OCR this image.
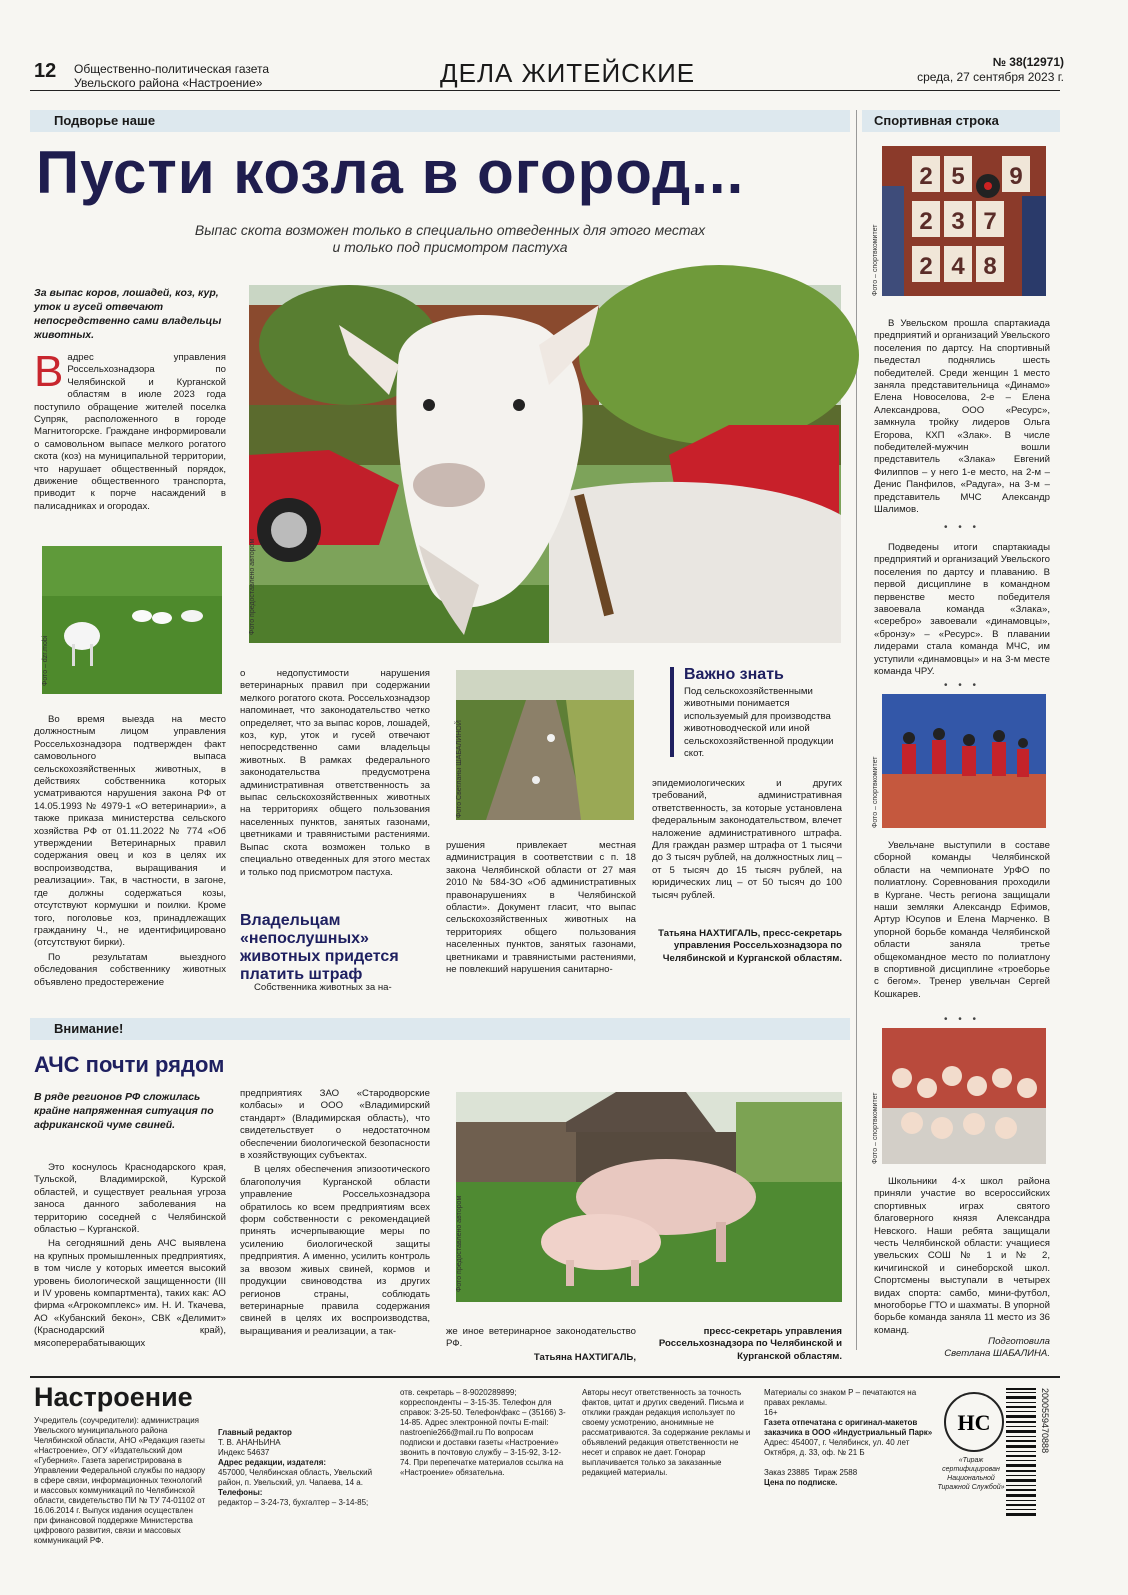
12 Общественно-политическая газета
Увельского района «Настроение»	ДЕЛА ЖИТЕЙСКИЕ	№ 38(12971)
среда, 27 сентября 2023 г.
Подворье наше	Спортивная строка
Пусти козла в огород...
Выпас скота возможен только в специально отведенных для этого местах
и только под присмотром пастуха
За выпас коров, лошадей, коз, кур, уток и гусей отвечают непосредственно сами владельцы животных.
В адрес управления Россельхознадзора по Челябинской и Курганской областям в июле 2023 года поступило обращение жителей поселка Супряк, расположенного в городе Магнитогорске. Граждане информировали о самовольном выпасе мелкого рогатого скота (коз) на муниципальной территории, что нарушает общественный порядок, движение общественного транспорта, приводит к порче насаждений в палисадниках и огородах.
Фото предоставлено автором
Фото – dzr.mobi

Во время выезда на место должностным лицом управления Россельхознадзора подтвержден факт самовольного выпаса сельскохозяйственных животных, в действиях собственника которых усматриваются нарушения закона РФ от 14.05.1993 № 4979-1 «О ветеринарии», а также приказа министерства сельского хозяйства РФ от 01.11.2022 № 774 «Об утверждении Ветеринарных правил содержания овец и коз в целях их воспроизводства, выращивания и реализации». Так, в частности, в загоне, где должны содержаться козы, отсутствуют кормушки и поилки. Кроме того, поголовье коз, принадлежащих гражданину Ч., не идентифицировано (отсутствуют бирки).

По результатам выездного обследования собственнику животных объявлено предостережение

о недопустимости нарушения ветеринарных правил при содержании мелкого рогатого скота. Россельхознадзор напоминает, что законодательство четко определяет, что за выпас коров, лошадей, коз, кур, уток и гусей отвечают непосредственно сами владельцы животных. В рамках федерального законодательства предусмотрена административная ответственность за выпас сельскохозяйственных животных на территориях общего пользования населенных пунктов, занятых газонами, цветниками и травянистыми растениями. Выпас скота возможен только в специально отведенных для этого местах и только под присмотром пастуха.

Владельцам «непослушных» животных придется платить штраф

Собственника животных за на-

Фото Светланы ШАБАЛИНОЙ

рушения привлекает местная администрация в соответствии с п. 18 закона Челябинской области от 27 мая 2010 № 584-ЗО «Об административных правонарушениях в Челябинской области». Документ гласит, что выпас сельскохозяйственных животных на территориях общего пользования населенных пунктов, занятых газонами, цветниками и травянистыми растениями, не повлекший нарушения санитарно-

Важно знать
Под сельскохозяйственными животными понимается используемый для производства животноводческой или иной сельскохозяйственной продукции скот.

эпидемиологических и других требований, административная ответственность, за которые установлена федеральным законодательством, влечет наложение административного штрафа. Для граждан размер штрафа от 1 тысячи до 3 тысяч рублей, на должностных лиц – от 5 тысяч до 15 тысяч рублей, на юридических лиц – от 50 тысяч до 100 тысяч рублей.

Татьяна НАХТИГАЛЬ, пресс-секретарь управления Россельхознадзора по Челябинской и Курганской областям.
Внимание!
АЧС почти рядом
В ряде регионов РФ сложилась крайне напряженная ситуация по африканской чуме свиней.

Это коснулось Краснодарского края, Тульской, Владимирской, Курской областей, и существует реальная угроза заноса данного заболевания на территорию соседней с Челябинской областью – Курганской.

На сегодняшний день АЧС выявлена на крупных промышленных предприятиях, в том числе у которых имеется высокий уровень биологической защищенности (III и IV уровень компартмента), таких как: АО фирма «Агрокомплекс» им. Н. И. Ткачева, АО «Кубанский бекон», СВК «Делимит» (Краснодарский край), мясоперерабатывающих

предприятиях ЗАО «Стародворские колбасы» и ООО «Владимирский стандарт» (Владимирская область), что свидетельствует о недостаточном обеспечении биологической безопасности в хозяйствующих субъектах.

В целях обеспечения эпизоотического благополучия Курганской области управление Россельхознадзора обратилось ко всем предприятиям всех форм собственности с рекомендацией принять исчерпывающие меры по усилению биологической защиты предприятия. А именно, усилить контроль за ввозом живых свиней, кормов и продукции свиноводства из других регионов страны, соблюдать ветеринарные правила содержания свиней в целях их воспроизводства, выращивания и реализации, а так-

Фото предоставлено автором

же иное ветеринарное законодательство РФ.

Татьяна НАХТИГАЛЬ,
пресс-секретарь управления Россельхознадзора по Челябинской и Курганской областям.
2 5 9
2 3 7
2 4 8
Фото – спортвкомитет

В Увельском прошла спартакиада предприятий и организаций Увельского поселения по дартсу. На спортивный пьедестал поднялись шесть победителей. Среди женщин 1 место заняла представительница «Динамо» Елена Новоселова, 2-е – Елена Александрова, ООО «Ресурс», замкнула тройку лидеров Ольга Егорова, КХП «Злак». В числе победителей-мужчин вошли представитель «Злака» Евгений Филиппов – у него 1-е место, на 2-м – Денис Панфилов, «Радуга», на 3-м – представитель МЧС Александр Шалимов.

• • •

Подведены итоги спартакиады предприятий и организаций Увельского поселения по дартсу и плаванию. В первой дисциплине в командном первенстве место победителя завоевала команда «Злака», «серебро» завоевали «динамовцы», «бронзу» – «Ресурс». В плавании лидерами стала команда МЧС, им уступили «динамовцы» и на 3-м месте команда ЧРУ.

• • •
Фото – спортвкомитет

Увельчане выступили в составе сборной команды Челябинской области на чемпионате УрФО по полиатлону. Соревнования проходили в Кургане. Честь региона защищали наши земляки Александр Ефимов, Артур Юсупов и Елена Марченко. В упорной борьбе команда Челябинской области заняла третье общекомандное место по полиатлону в спортивной дисциплине «троеборье с бегом». Тренер увельчан Сергей Кошкарев.

• • •
Фото – спортвкомитет

Школьники 4-х школ района приняли участие во всероссийских спортивных играх святого благоверного князя Александра Невского. Наши ребята защищали честь Челябинской области: учащиеся увельских СОШ № 1 и № 2, кичигинской и синеборской школ. Спортсмены выступали в четырех видах спорта: самбо, мини-футбол, многоборье ГТО и шахматы. В упорной борьбе команда заняла 11 место из 36 команд.

Подготовила
Светлана ШАБАЛИНА.
Настроение
Учредитель (соучредители): администрация Увельского муниципального района Челябинской области, АНО «Редакция газеты «Настроение», ОГУ «Издательский дом «Губерния». Газета зарегистрирована в Управлении Федеральной службы по надзору в сфере связи, информационных технологий и массовых коммуникаций по Челябинской области, свидетельство ПИ № ТУ 74-01102 от 16.06.2014 г. Выпуск издания осуществлен при финансовой поддержке Министерства цифрового развития, связи и массовых коммуникаций РФ.
Главный редактор
Т. В. АНАНЬИНА
Индекс 54637
Адрес редакции, издателя:
457000, Челябинская область, Увельский район, п. Увельский, ул. Чапаева, 14 а.
Телефоны:
редактор – 3-24-73, бухгалтер – 3-14-85;
отв. секретарь – 8-9020289899; корреспонденты – 3-15-35. Телефон для справок: 3-25-50. Телефон/факс – (35166) 3-14-85. Адрес электронной почты E-mail: nastroenie266@mail.ru По вопросам подписки и доставки газеты «Настроение» звонить в почтовую службу – 3-15-92, 3-12-74. При перепечатке материалов ссылка на «Настроение» обязательна.
Авторы несут ответственность за точность фактов, цитат и других сведений. Письма и отклики граждан редакция использует по своему усмотрению, анонимные не рассматриваются. За содержание рекламы и объявлений редакция ответственности не несет и справок не дает. Гонорар выплачивается только за заказанные редакцией материалы.
Материалы со знаком Р – печатаются на правах рекламы.
16+
Газета отпечатана с оригинал-макетов заказчика в ООО «Индустриальный Парк»
Адрес: 454007, г. Челябинск, ул. 40 лет Октября, д. 33, оф. № 21 Б
Заказ 23885 Тираж 2588
Цена по подписке.
НС
«Тираж сертифицирован Национальной Тиражной Службой»
2000559470888
